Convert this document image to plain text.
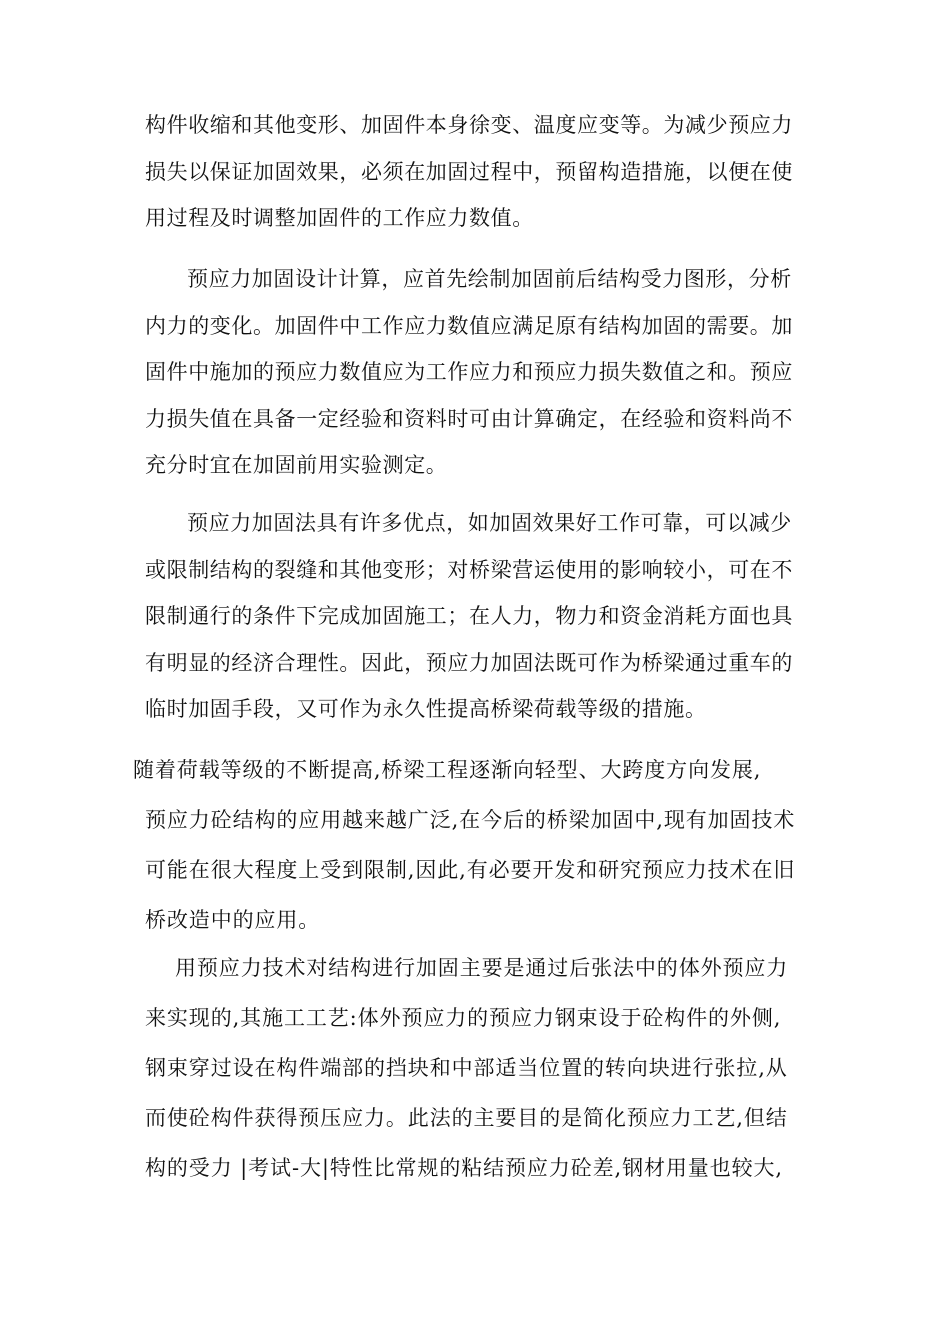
构件收缩和其他变形、加固件本身徐变、温度应变等。为减少预应力
损失以保证加固效果，必须在加固过程中，预留构造措施，以便在使
用过程及时调整加固件的工作应力数值。
预应力加固设计计算，应首先绘制加固前后结构受力图形，分析
内力的变化。加固件中工作应力数值应满足原有结构加固的需要。加
固件中施加的预应力数值应为工作应力和预应力损失数值之和。预应
力损失值在具备一定经验和资料时可由计算确定，在经验和资料尚不
充分时宜在加固前用实验测定。
预应力加固法具有许多优点，如加固效果好工作可靠，可以减少
或限制结构的裂缝和其他变形；对桥梁营运使用的影响较小，可在不
限制通行的条件下完成加固施工；在人力，物力和资金消耗方面也具
有明显的经济合理性。因此，预应力加固法既可作为桥梁通过重车的
临时加固手段，又可作为永久性提高桥梁荷载等级的措施。
随着荷载等级的不断提高,桥梁工程逐渐向轻型、大跨度方向发展,
预应力砼结构的应用越来越广泛,在今后的桥梁加固中,现有加固技术
可能在很大程度上受到限制,因此,有必要开发和研究预应力技术在旧
桥改造中的应用。
用预应力技术对结构进行加固主要是通过后张法中的体外预应力
来实现的,其施工工艺:体外预应力的预应力钢束设于砼构件的外侧,
钢束穿过设在构件端部的挡块和中部适当位置的转向块进行张拉,从
而使砼构件获得预压应力。此法的主要目的是简化预应力工艺,但结
构的受力 |考试-大|特性比常规的粘结预应力砼差,钢材用量也较大,
